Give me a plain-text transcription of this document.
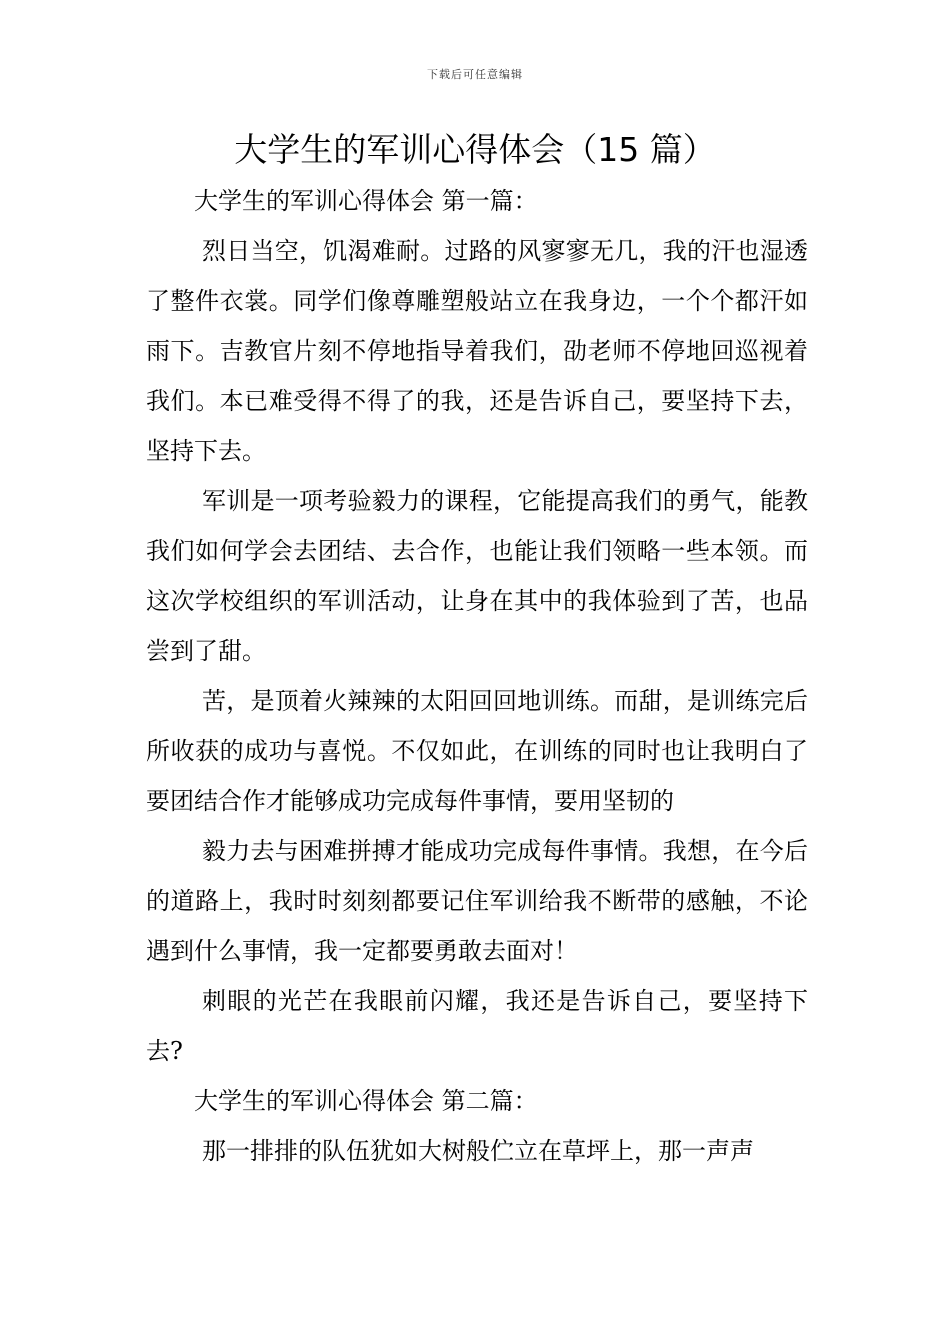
下载后可任意编辑
大学生的军训心得体会（15 篇）

大学生的军训心得体会 第一篇：

烈日当空，饥渴难耐。过路的风寥寥无几，我的汗也湿透了整件衣裳。同学们像尊雕塑般站立在我身边，一个个都汗如雨下。吉教官片刻不停地指导着我们，劭老师不停地回巡视着我们。本已难受得不得了的我，还是告诉自己，要坚持下去，坚持下去。

军训是一项考验毅力的课程，它能提高我们的勇气，能教我们如何学会去团结、去合作，也能让我们领略一些本领。而这次学校组织的军训活动，让身在其中的我体验到了苦，也品尝到了甜。

苦，是顶着火辣辣的太阳回回地训练。而甜，是训练完后所收获的成功与喜悦。不仅如此，在训练的同时也让我明白了要团结合作才能够成功完成每件事情，要用坚韧的

毅力去与困难拼搏才能成功完成每件事情。我想，在今后的道路上，我时时刻刻都要记住军训给我不断带的感触，不论遇到什么事情，我一定都要勇敢去面对！

刺眼的光芒在我眼前闪耀，我还是告诉自己，要坚持下去?

大学生的军训心得体会 第二篇：

那一排排的队伍犹如大树般伫立在草坪上，那一声声
